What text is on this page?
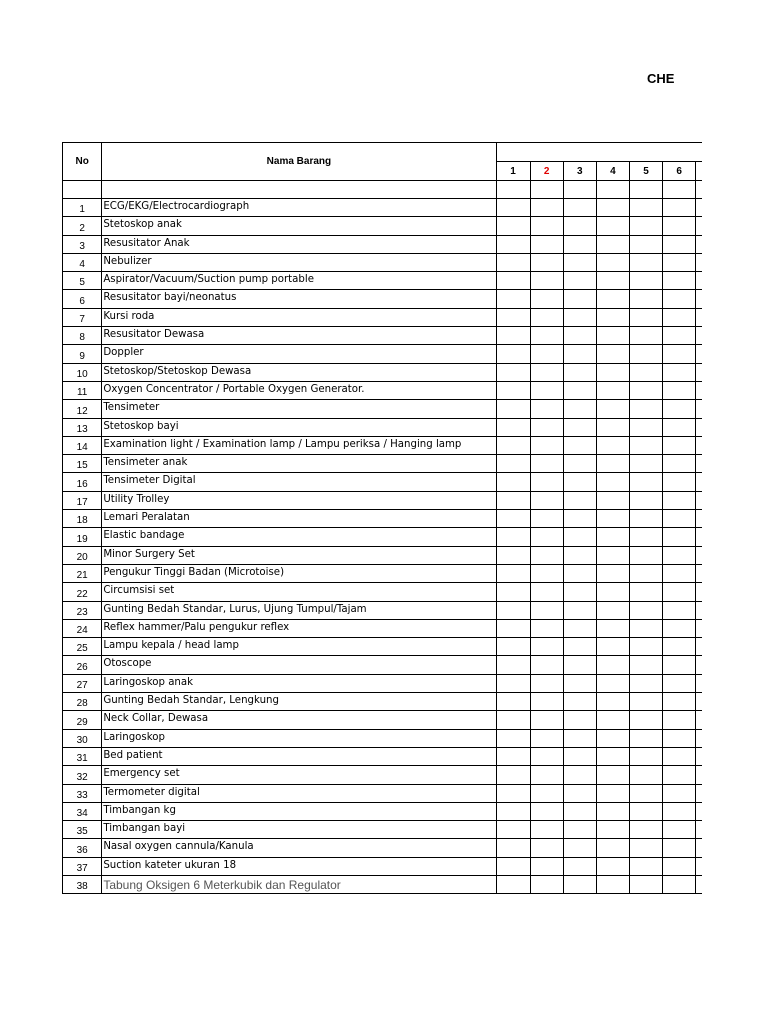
CHE
No	Nama Barang							
		1	2	3	4	5	6	

1	ECG/EKG/Electrocardiograph							
2	Stetoskop anak							
3	Resusitator Anak							
4	Nebulizer							
5	Aspirator/Vacuum/Suction pump portable							
6	Resusitator bayi/neonatus							
7	Kursi roda							
8	Resusitator Dewasa							
9	Doppler							
10	Stetoskop/Stetoskop Dewasa							
11	Oxygen Concentrator / Portable Oxygen Generator.							
12	Tensimeter							
13	Stetoskop bayi							
14	Examination light / Examination lamp / Lampu periksa / Hanging lamp							
15	Tensimeter anak							
16	Tensimeter Digital							
17	Utility Trolley							
18	Lemari Peralatan							
19	Elastic bandage							
20	Minor Surgery Set							
21	Pengukur Tinggi Badan (Microtoise)							
22	Circumsisi set							
23	Gunting Bedah Standar, Lurus, Ujung Tumpul/Tajam							
24	Reflex hammer/Palu pengukur reflex							
25	Lampu kepala / head lamp							
26	Otoscope							
27	Laringoskop anak							
28	Gunting Bedah Standar, Lengkung							
29	Neck Collar, Dewasa							
30	Laringoskop							
31	Bed patient							
32	Emergency set							
33	Termometer digital							
34	Timbangan kg							
35	Timbangan bayi							
36	Nasal oxygen cannula/Kanula							
37	Suction kateter ukuran 18							
38	Tabung Oksigen 6 Meterkubik dan Regulator							
